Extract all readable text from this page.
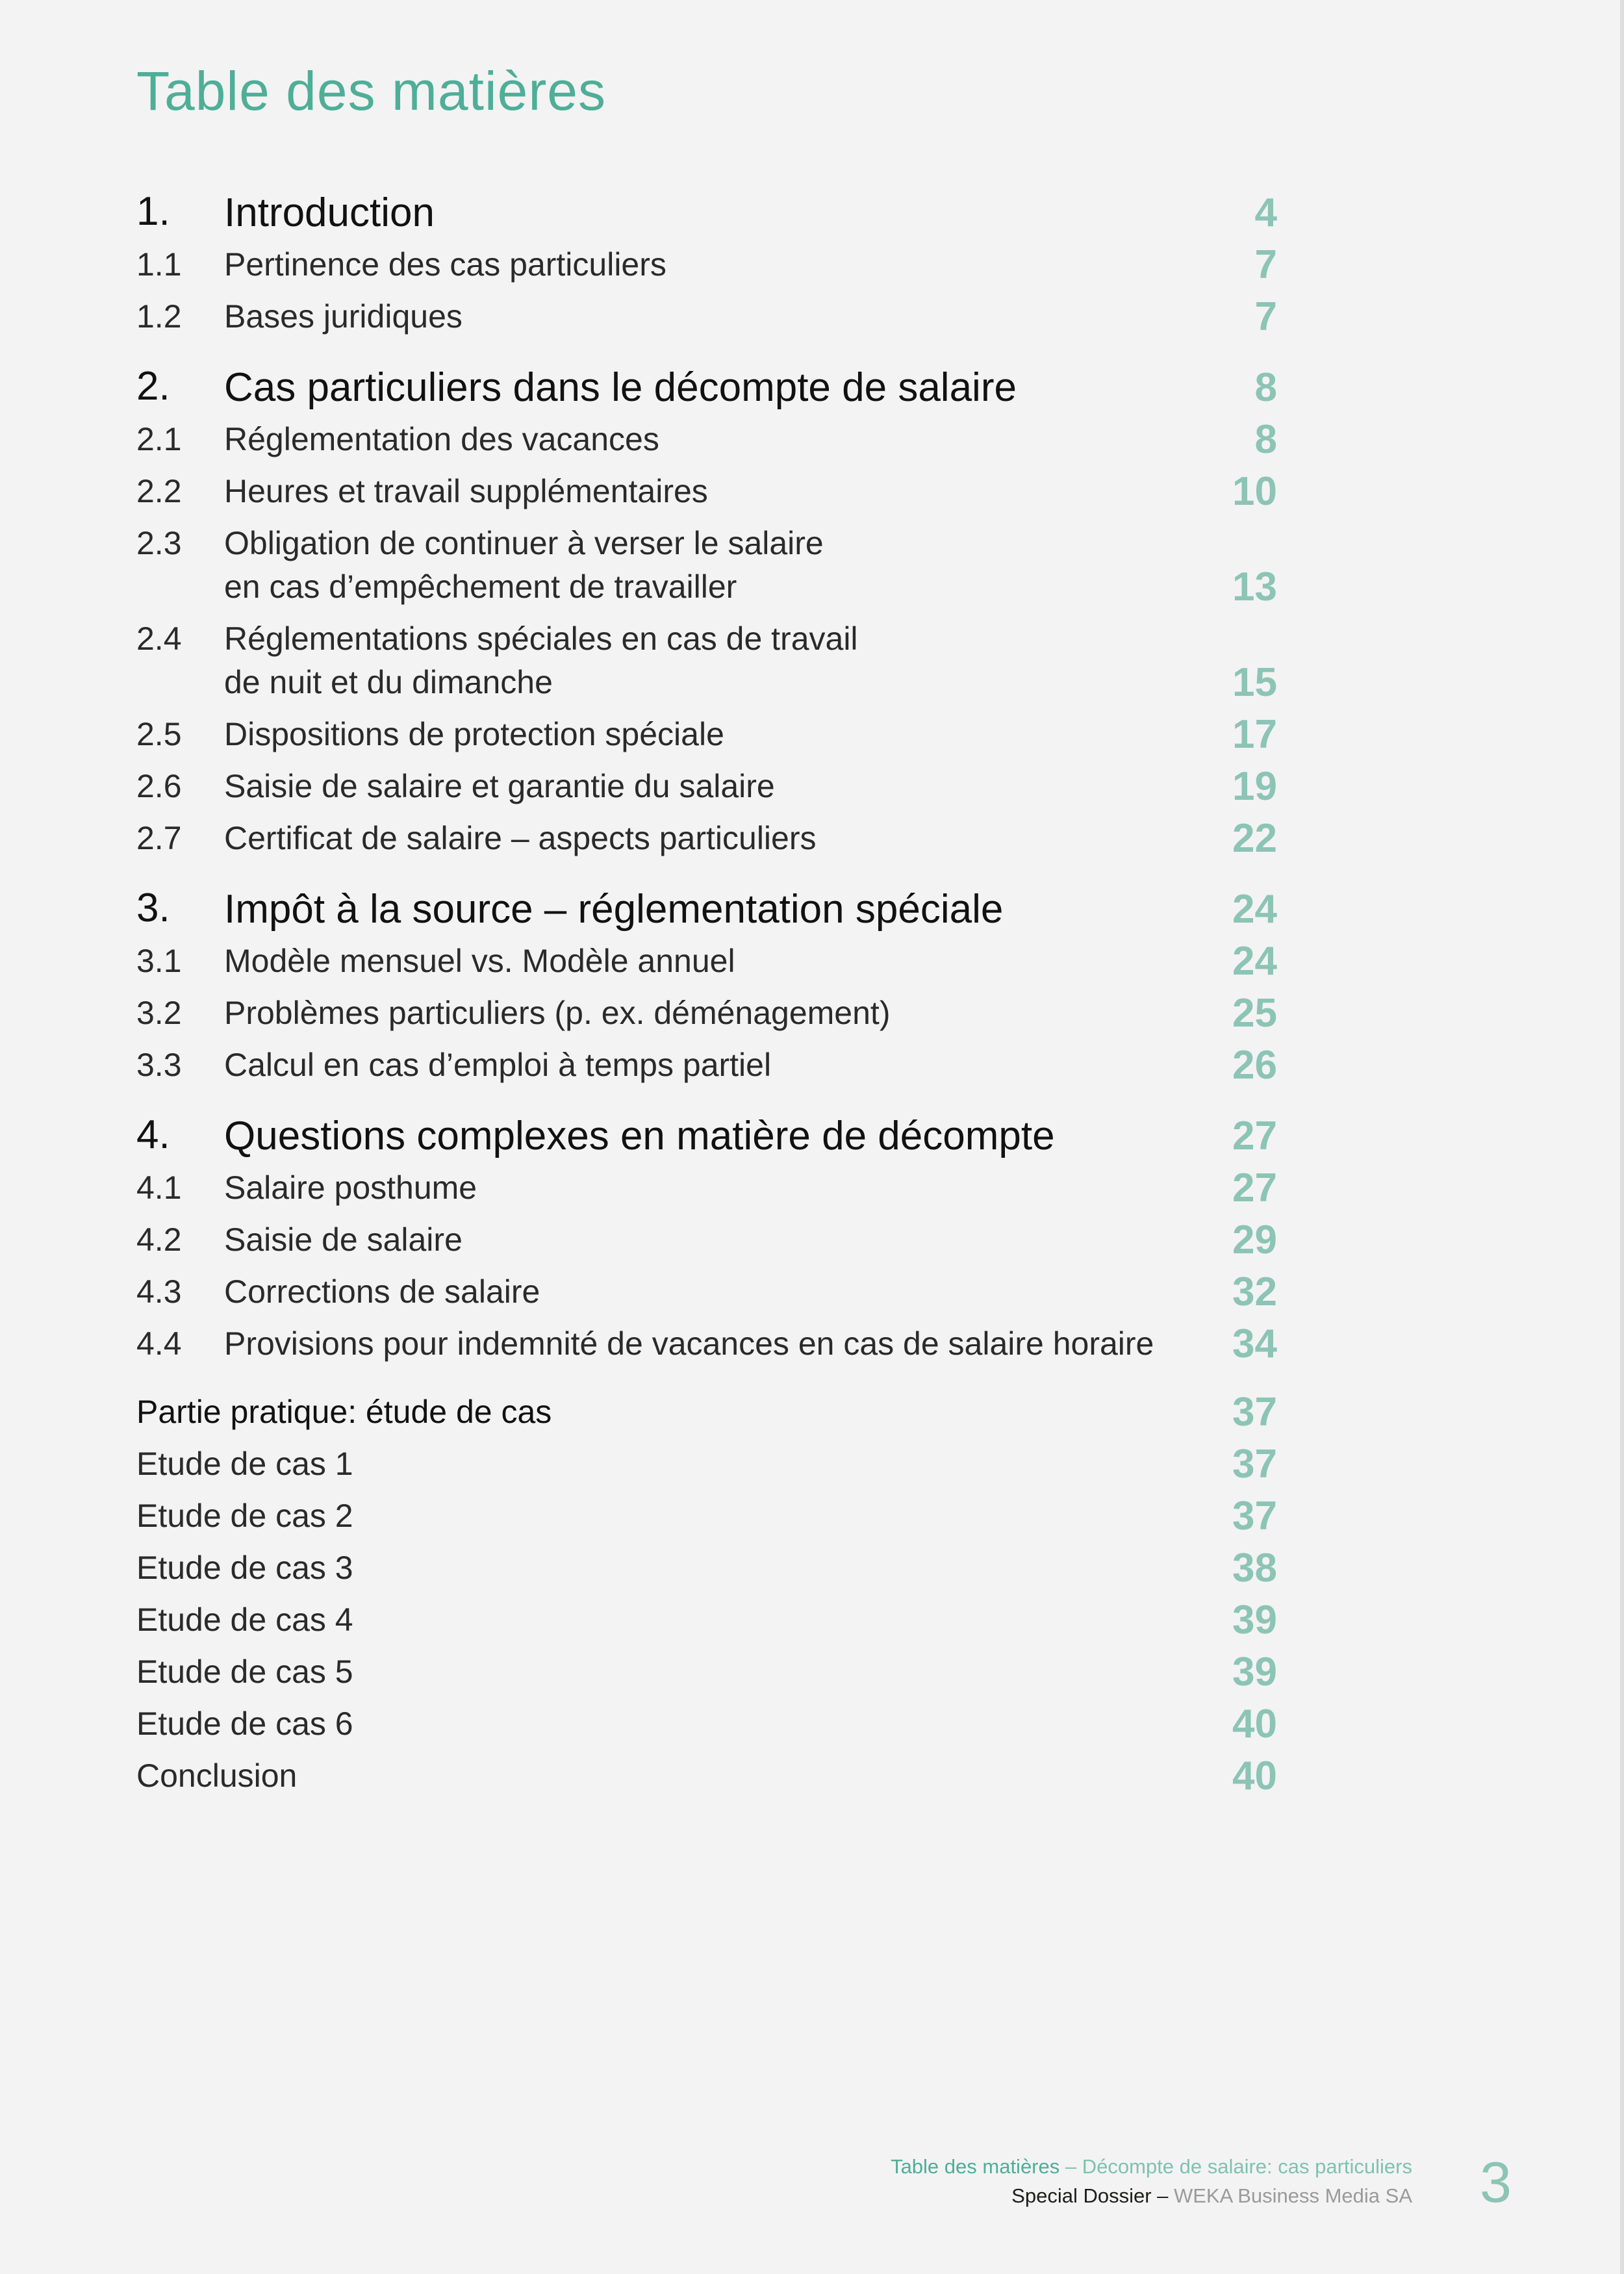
Table des matières
1.	Introduction	4
1.1	Pertinence des cas particuliers	7
1.2	Bases juridiques	7
2.	Cas particuliers dans le décompte de salaire	8
2.1	Réglementation des vacances	8
2.2	Heures et travail supplémentaires	10
2.3	Obligation de continuer à verser le salaire
en cas d’empêchement de travailler	13
2.4	Réglementations spéciales en cas de travail
de nuit et du dimanche	15
2.5	Dispositions de protection spéciale	17
2.6	Saisie de salaire et garantie du salaire	19
2.7	Certificat de salaire – aspects particuliers	22
3.	Impôt à la source – réglementation spéciale	24
3.1	Modèle mensuel vs. Modèle annuel	24
3.2	Problèmes particuliers (p. ex. déménagement)	25
3.3	Calcul en cas d’emploi à temps partiel	26
4.	Questions complexes en matière de décompte	27
4.1	Salaire posthume	27
4.2	Saisie de salaire	29
4.3	Corrections de salaire	32
4.4	Provisions pour indemnité de vacances en cas de salaire horaire	34
Partie pratique: étude de cas	37
Etude de cas 1	37
Etude de cas 2	37
Etude de cas 3	38
Etude de cas 4	39
Etude de cas 5	39
Etude de cas 6	40
Conclusion	40
Table des matières – Décompte de salaire: cas particuliers
Special Dossier – WEKA Business Media SA 3
